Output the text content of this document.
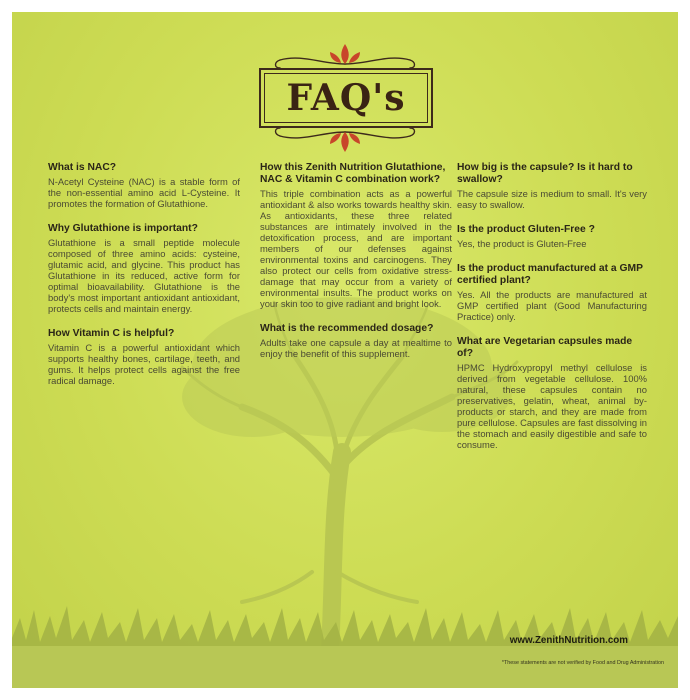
FAQ's
What is NAC?
N-Acetyl Cysteine (NAC) is a stable form of the non-essential amino acid L-Cysteine. It promotes the formation of Glutathione.
Why Glutathione is important?
Glutathione is a small peptide molecule composed of three amino acids: cysteine, glutamic acid, and glycine. This product has Glutathione in its reduced, active form for optimal bioavailability. Glutathione is the body's most important antioxidant antioxidant, protects cells and maintain energy.
How Vitamin C is helpful?
Vitamin C is a powerful antioxidant which supports healthy bones, cartilage, teeth, and gums. It helps protect cells against the free radical damage.
How this Zenith Nutrition Glutathione, NAC & Vitamin C combination work?
This triple combination acts as a powerful antioxidant & also works towards healthy skin. As antioxidants, these three related substances are intimately involved in the detoxification process, and are important members of our defenses against environmental toxins and carcinogens. They also protect our cells from oxidative stress-damage that may occur from a variety of environmental insults. The product works on your skin too to give radiant and bright look.
What is the recommended dosage?
Adults take one capsule a day at mealtime to enjoy the benefit of this supplement.
How big is the capsule? Is it hard to swallow?
The capsule size is medium to small. It's very easy to swallow.
Is the product Gluten-Free ?
Yes, the product is Gluten-Free
Is the product manufactured at a GMP certified plant?
Yes. All the products are manufactured at GMP certified plant (Good Manufacturing Practice) only.
What are Vegetarian capsules made of?
HPMC Hydroxypropyl methyl cellulose is derived from vegetable cellulose. 100% natural, these capsules contain no preservatives, gelatin, wheat, animal by-products or starch, and they are made from pure cellulose. Capsules are fast dissolving in the stomach and easily digestible and safe to consume.
www.ZenithNutrition.com
*These statements are not verified by Food and Drug Administration
